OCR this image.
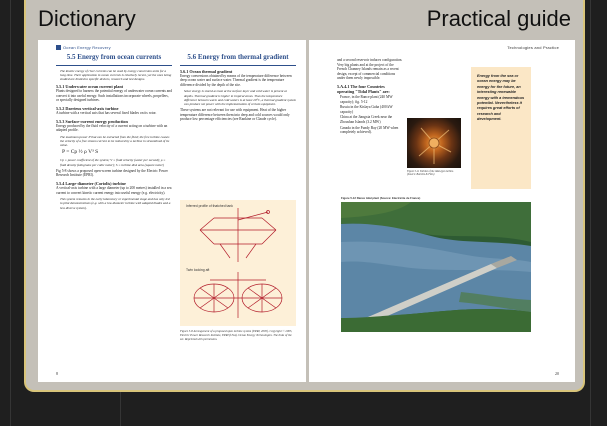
Dictionary	Practical guide
Ocean Energy Recovery
5.5 Energy from ocean currents
The kinetic energy of river currents can be used by energy conversion units for a long time. Their application in ocean currents is relatively recent, yet the ones being studied are limited to specific devices, research and test designs.
5.5.1 Underwater ocean current plant
Plants designed to harness the potential energy of underwater ocean currents and convert it into useful energy. Such installations incorporate wheels, propellers, or specially designed turbines.
5.5.2 Darrieus vertical-axis turbine
A turbine with a vertical axis that has several fixed blades on its rotor.
5.5.3 Surface-current energy production
Energy produced by the fluid velocity of a current acting on a turbine with an adapted profile.
The maximum power P that can be extracted from the fluid; the free turbine causes the velocity of a free stream current to be reduced by a turbine in streamlined of its value.
P = Cp ½ ρ V³ S
Cp = power coefficient of the system; V = fluid velocity (water per second); ρ = fluid density (kilograms per cubic meter); S = turbine disk area (square meter)
Fig 5-8 shows a proposed open-screen turbine designed by the Electric Power Research Institute (EPRI).
5.5.4 Large-diameter (Coriolis) turbine
A vertical-axis turbine with a large diameter (up to 200 metres) installed in a sea current to convert kinetic current energy into useful energy (e.g. electricity).
This system remains in the early laboratory or experimental stage and has only led to pilot demonstrations (e.g. with a low diameter turbine with adapted blades and a less diverse system).
5.6 Energy from thermal gradient
5.6.1 Ocean thermal gradient
Energy conversions obtained by means of the temperature difference between deep ocean water and surface water. Thermal gradient is the temperature difference divided by the depth of the site.
Solar energy is stored as heat at the surface layer and cold water is present at depths. Thermal gradient is higher in tropical zones. Thus the temperature difference between warm and cold waters is at least 20°C, a thermal gradient system can produce net power with the implementation of certain equipment.
These systems are not relevant for use with equipment. Heat of the higher temperature difference between them into deep and cold sources would only produce low percentage efficiencies (see Rankine or Claude cycle).
Inferred profile of thatched tank
Twin looking aft
Figure 5-8 Arrangement of a proposed open turbine system (EPRI, 2005). Copyright © 2005, Electric Power Research Institute, EPRI (USA). Ocean Energy Technologies. The links of the set. Reprinted with permission.
8
Technologies and Practice
and a second reservoir induces configuration. Very big plants and at the project of the French Channey Islands remain as a recent design, except of commercial conditions under them newly impossible.
5.A.4.1 The four Countries operating "Tidal Plants" are:
France, in the Rance plant (240 MW capacity); fig. 5-12
Russia in the Kislaya Guba (400 kW capacity)
China at the Jiangxia Creek near the Zhoushan Islands (3.2 MW)
Canada in the Fundy Bay (20 MW when completely achieved).
Figure 5-11 Turbine of the tidal-type turbine. (Source: Barrette & Flies)
Energy from the sea or ocean energy may be energy for the future, an interesting renewable energy with a tremendous potential. Nevertheless it requires great efforts of research and development.
Figure 5-12 Rance tidal plant (Source: Electricite de France)
20
